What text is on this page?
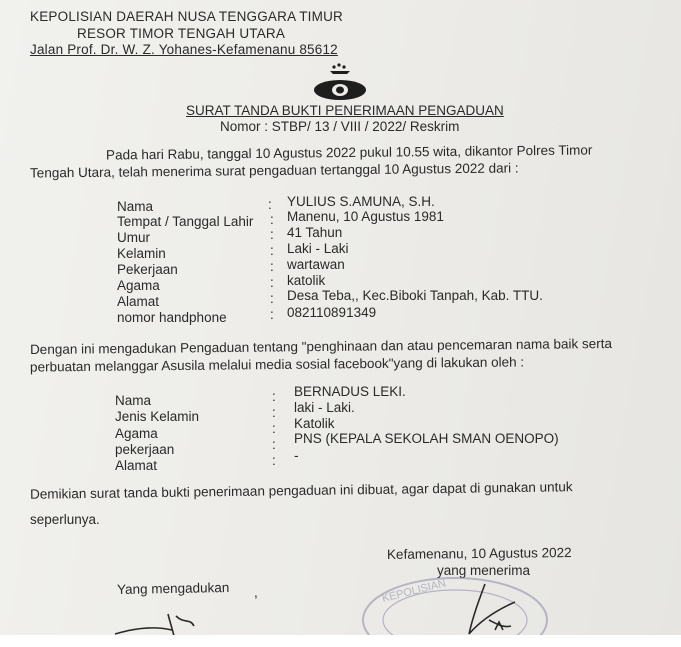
KEPOLISIAN DAERAH NUSA TENGGARA TIMUR
RESOR TIMOR TENGAH UTARA
Jalan Prof. Dr. W. Z. Yohanes-Kefamenanu 85612
SURAT TANDA BUKTI PENERIMAAN PENGADUAN
Nomor : STBP/ 13 / VIII / 2022/ Reskrim
Pada hari Rabu, tanggal 10 Agustus 2022 pukul 10.55 wita, dikantor Polres Timor
Tengah Utara, telah menerima surat pengaduan tertanggal 10 Agustus 2022 dari :
Nama	: YULIUS S.AMUNA, S.H.
Tempat / Tanggal Lahir : Manenu, 10 Agustus 1981
Umur	: 41 Tahun
Kelamin	: Laki - Laki
Pekerjaan	: wartawan
Agama	: katolik
Alamat	: Desa Teba,, Kec.Biboki Tanpah, Kab. TTU.
nomor handphone	: 082110891349
Dengan ini mengadukan Pengaduan tentang "penghinaan dan atau pencemaran nama baik serta
perbuatan melanggar Asusila melalui media sosial facebook"yang di lakukan oleh :
Nama	: BERNADUS LEKI.
Jenis Kelamin	: laki - Laki.
Agama	: Katolik
pekerjaan	: PNS (KEPALA SEKOLAH SMAN OENOPO)
Alamat	: -
Demikian surat tanda bukti penerimaan pengaduan ini dibuat, agar dapat di gunakan untuk
seperlunya.
Kefamenanu, 10 Agustus 2022
yang menerima
Yang mengadukan ,	KEPOLISIAN
